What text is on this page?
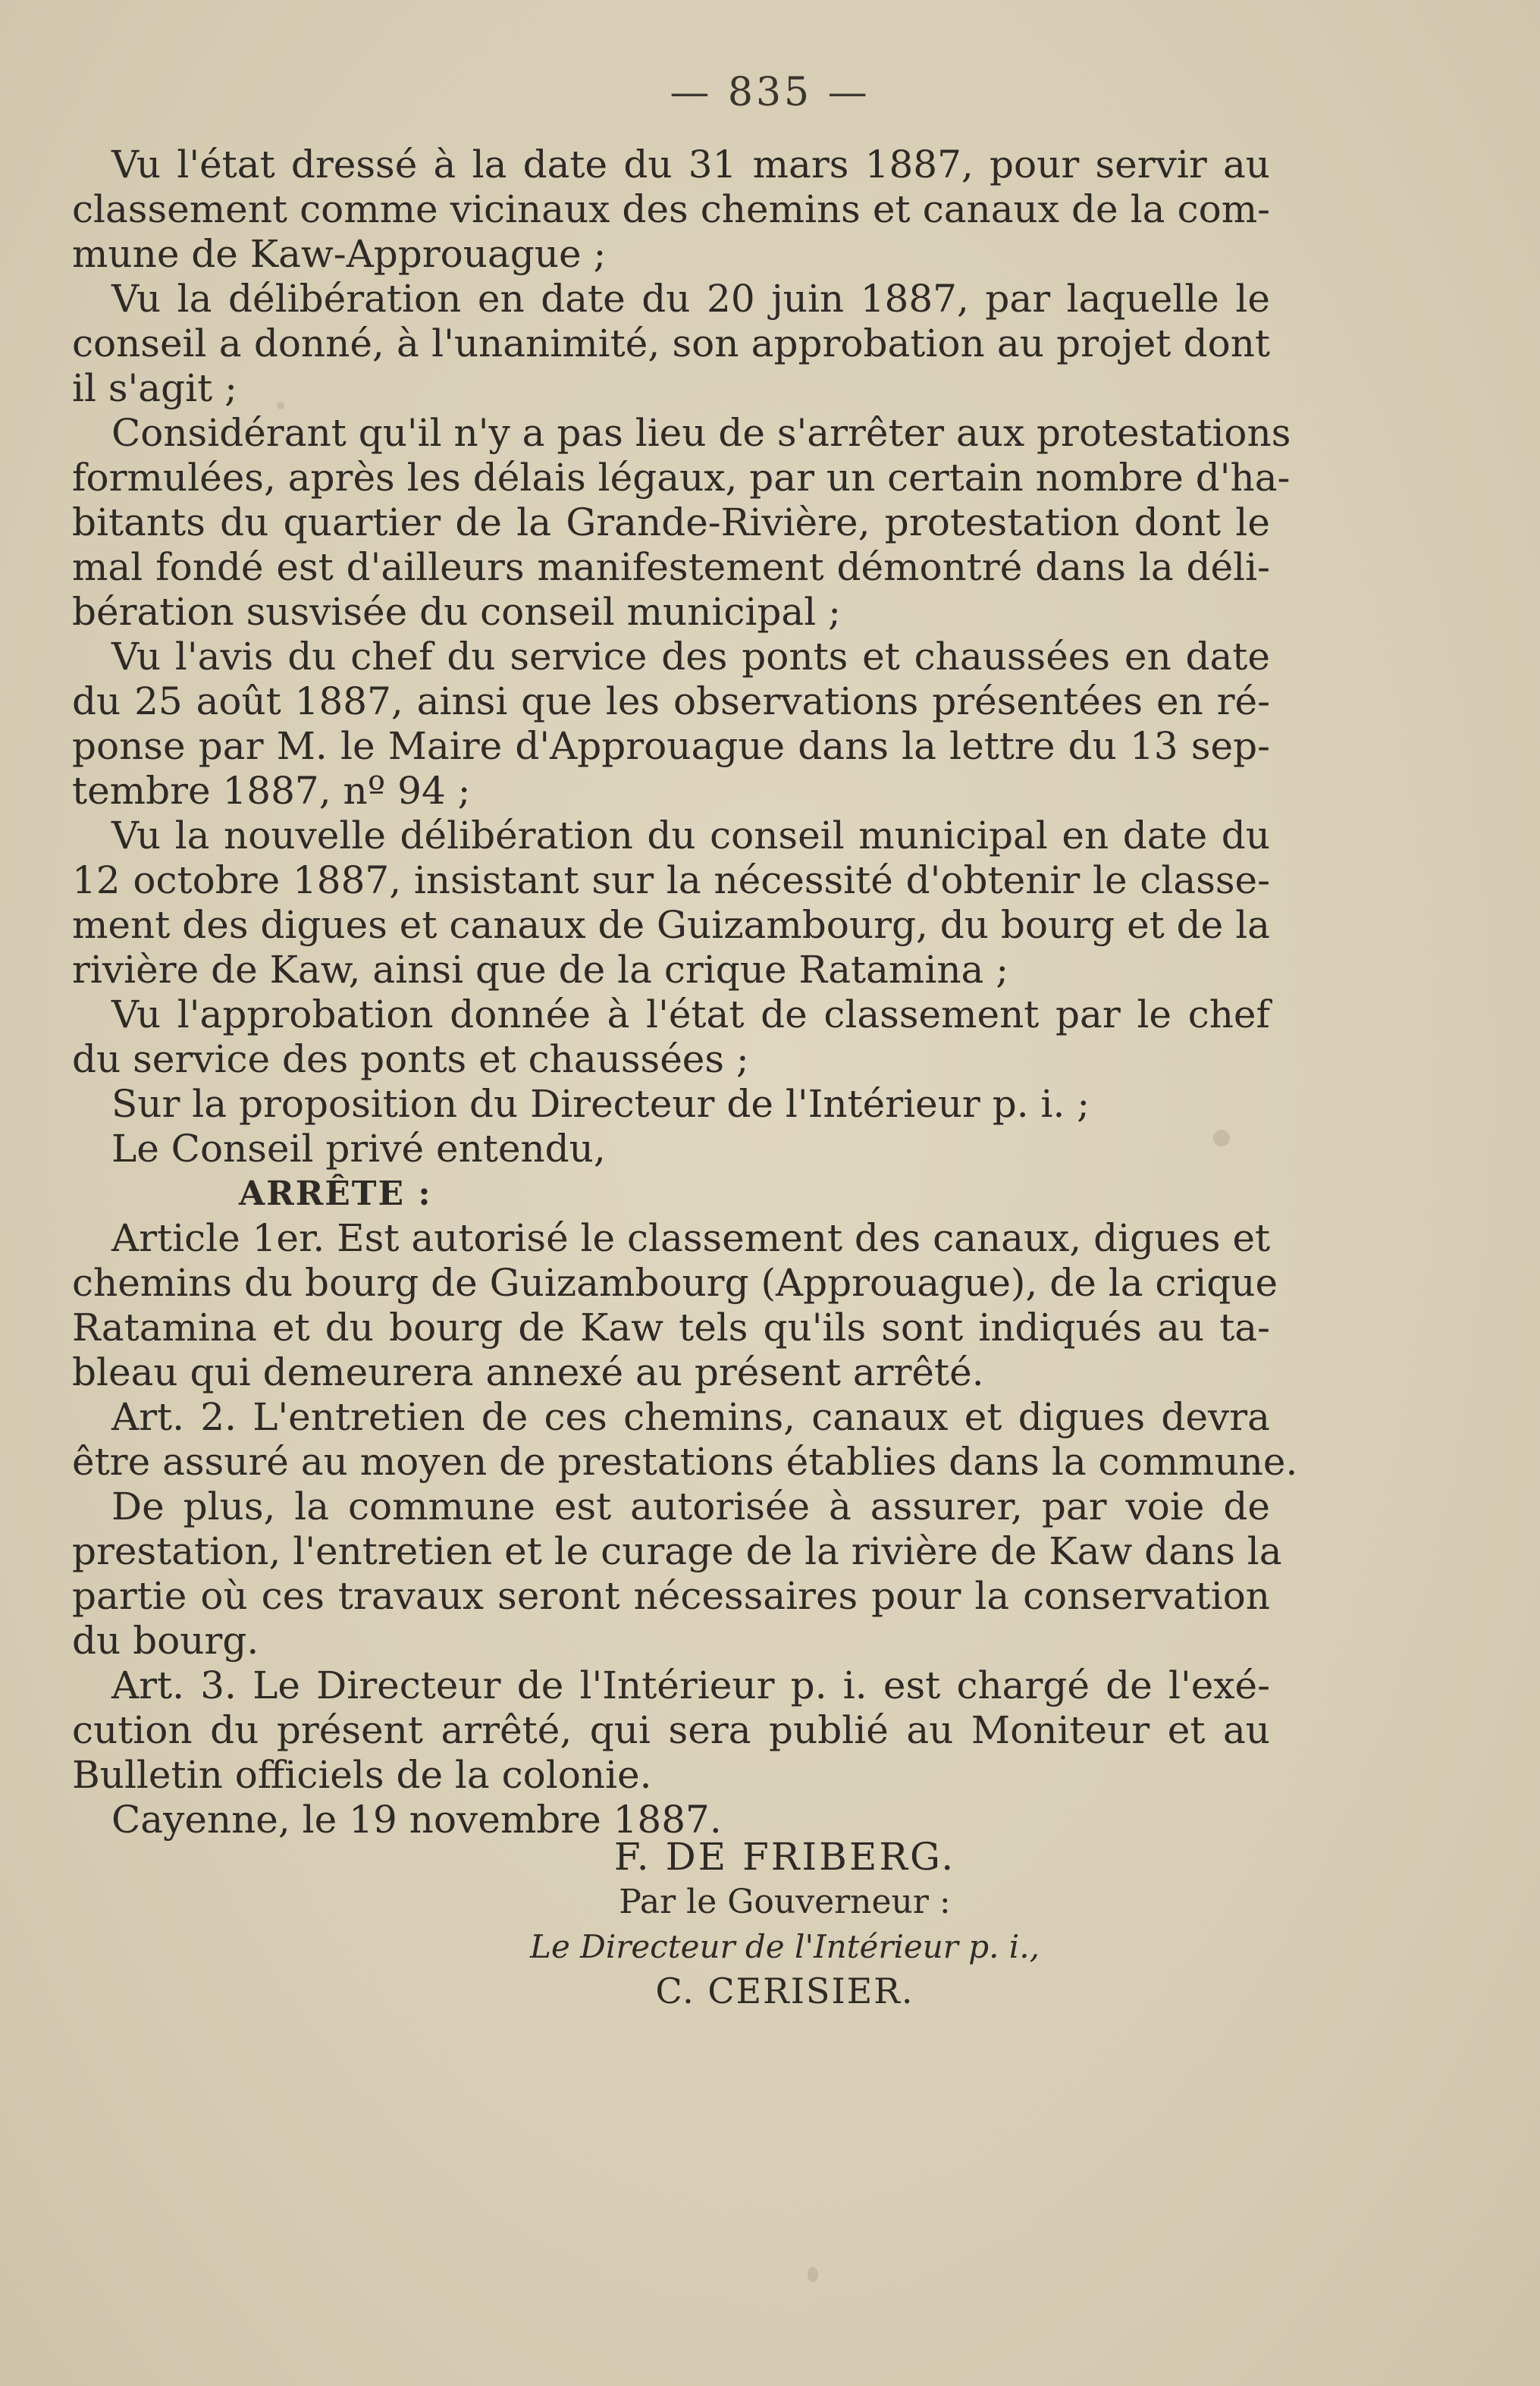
— 835 —
Vu l'état dressé à la date du 31 mars 1887, pour servir au
classement comme vicinaux des chemins et canaux de la com-
mune de Kaw-Approuague ;
Vu la délibération en date du 20 juin 1887, par laquelle le
conseil a donné, à l'unanimité, son approbation au projet dont
il s'agit ;
Considérant qu'il n'y a pas lieu de s'arrêter aux protestations
formulées, après les délais légaux, par un certain nombre d'ha-
bitants du quartier de la Grande-Rivière, protestation dont le
mal fondé est d'ailleurs manifestement démontré dans la déli-
bération susvisée du conseil municipal ;
Vu l'avis du chef du service des ponts et chaussées en date
du 25 août 1887, ainsi que les observations présentées en ré-
ponse par M. le Maire d'Approuague dans la lettre du 13 sep-
tembre 1887, nº 94 ;
Vu la nouvelle délibération du conseil municipal en date du
12 octobre 1887, insistant sur la nécessité d'obtenir le classe-
ment des digues et canaux de Guizambourg, du bourg et de la
rivière de Kaw, ainsi que de la crique Ratamina ;
Vu l'approbation donnée à l'état de classement par le chef
du service des ponts et chaussées ;
Sur la proposition du Directeur de l'Intérieur p. i. ;
Le Conseil privé entendu,
ARRÊTE :
Article 1er. Est autorisé le classement des canaux, digues et
chemins du bourg de Guizambourg (Approuague), de la crique
Ratamina et du bourg de Kaw tels qu'ils sont indiqués au ta-
bleau qui demeurera annexé au présent arrêté.
Art. 2. L'entretien de ces chemins, canaux et digues devra
être assuré au moyen de prestations établies dans la commune.
De plus, la commune est autorisée à assurer, par voie de
prestation, l'entretien et le curage de la rivière de Kaw dans la
partie où ces travaux seront nécessaires pour la conservation
du bourg.
Art. 3. Le Directeur de l'Intérieur p. i. est chargé de l'exé-
cution du présent arrêté, qui sera publié au Moniteur et au
Bulletin officiels de la colonie.
Cayenne, le 19 novembre 1887.
F. DE FRIBERG.
Par le Gouverneur :
Le Directeur de l'Intérieur p. i.,
C. CERISIER.
